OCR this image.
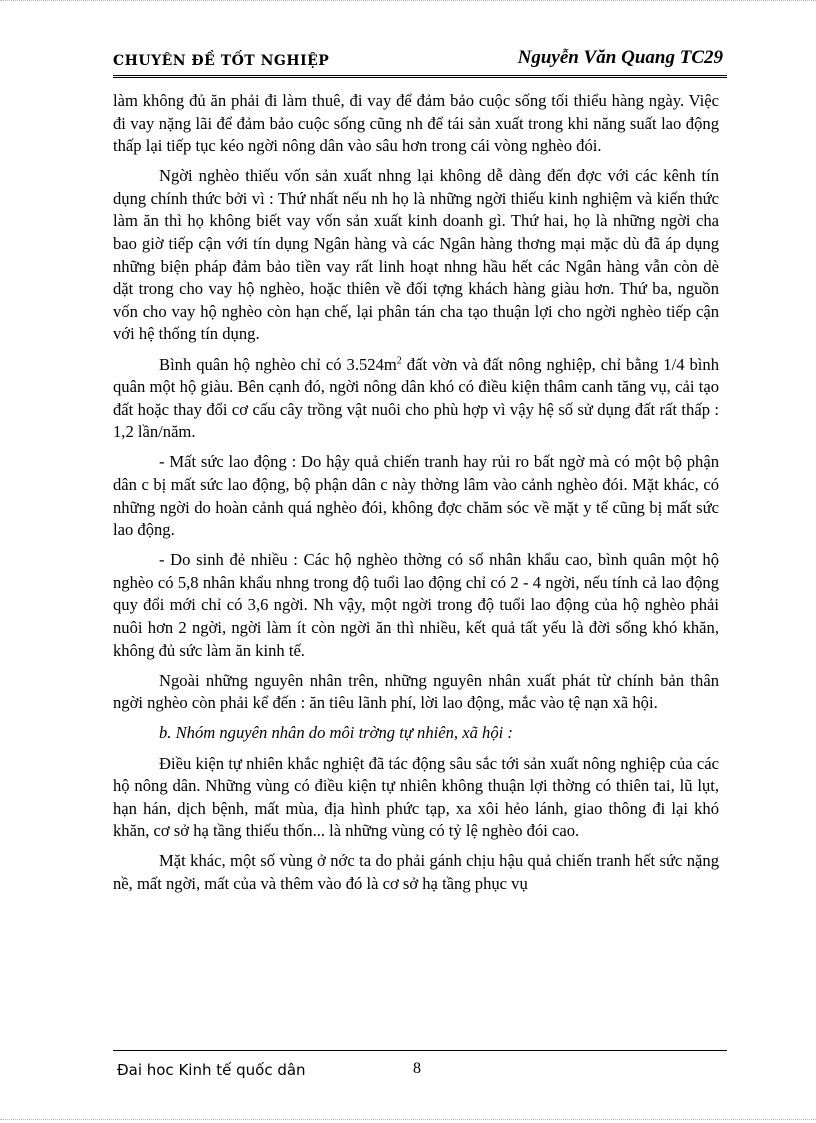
CHUYÊN ĐỀ TỐT NGHIỆP	Nguyễn Văn Quang TC29

làm không đủ ăn phải đi làm thuê, đi vay để đảm bảo cuộc sống tối thiểu hàng ngày. Việc đi vay nặng lãi để đảm bảo cuộc sống cũng nh để tái sản xuất trong khi năng suất lao động thấp lại tiếp tục kéo ngời nông dân vào sâu hơn trong cái vòng nghèo đói.

Ngời nghèo thiếu vốn sản xuất nhng lại không dễ dàng đến đợc với các kênh tín dụng chính thức bởi vì : Thứ nhất nếu nh họ là những ngời thiếu kinh nghiệm và kiến thức làm ăn thì họ không biết vay vốn sản xuất kinh doanh gì. Thứ hai, họ là những ngời cha bao giờ tiếp cận với tín dụng Ngân hàng và các Ngân hàng thơng mại mặc dù đã áp dụng những biện pháp đảm bảo tiền vay rất linh hoạt nhng hầu hết các Ngân hàng vẫn còn dè dặt trong cho vay hộ nghèo, hoặc thiên về đối tợng khách hàng giàu hơn. Thứ ba, nguồn vốn cho vay hộ nghèo còn hạn chế, lại phân tán cha tạo thuận lợi cho ngời nghèo tiếp cận với hệ thống tín dụng.

Bình quân hộ nghèo chỉ có $3.524m^2$ đất vờn và đất nông nghiệp, chỉ bằng 1/4 bình quân một hộ giàu. Bên cạnh đó, ngời nông dân khó có điều kiện thâm canh tăng vụ, cải tạo đất hoặc thay đổi cơ cấu cây trồng vật nuôi cho phù hợp vì vậy hệ số sử dụng đất rất thấp : 1,2 lần/năm.

- Mất sức lao động : Do hậy quả chiến tranh hay rủi ro bất ngờ mà có một bộ phận dân c bị mất sức lao động, bộ phận dân c này thờng lâm vào cảnh nghèo đói. Mặt khác, có những ngời do hoàn cảnh quá nghèo đói, không đợc chăm sóc về mặt y tế cũng bị mất sức lao động.

- Do sinh đẻ nhiều : Các hộ nghèo thờng có số nhân khẩu cao, bình quân một hộ nghèo có 5,8 nhân khẩu nhng trong độ tuổi lao động chỉ có 2 - 4 ngời, nếu tính cả lao động quy đổi mới chỉ có 3,6 ngời. Nh vậy, một ngời trong độ tuổi lao động của hộ nghèo phải nuôi hơn 2 ngời, ngời làm ít còn ngời ăn thì nhiều, kết quả tất yếu là đời sống khó khăn, không đủ sức làm ăn kinh tế.

Ngoài những nguyên nhân trên, những nguyên nhân xuất phát từ chính bản thân ngời nghèo còn phải kể đến : ăn tiêu lãnh phí, lời lao động, mắc vào tệ nạn xã hội.

b. Nhóm nguyên nhân do môi trờng tự nhiên, xã hội :

Điều kiện tự nhiên khắc nghiệt đã tác động sâu sắc tới sản xuất nông nghiệp của các hộ nông dân. Những vùng có điều kiện tự nhiên không thuận lợi thờng có thiên tai, lũ lụt, hạn hán, dịch bệnh, mất mùa, địa hình phức tạp, xa xôi hẻo lánh, giao thông đi lại khó khăn, cơ sở hạ tầng thiếu thốn... là những vùng có tỷ lệ nghèo đói cao.

Mặt khác, một số vùng ở nớc ta do phải gánh chịu hậu quả chiến tranh hết sức nặng nề, mất ngời, mất của và thêm vào đó là cơ sở hạ tầng phục vụ

Đai hoc Kinh tế quốc dân	8
